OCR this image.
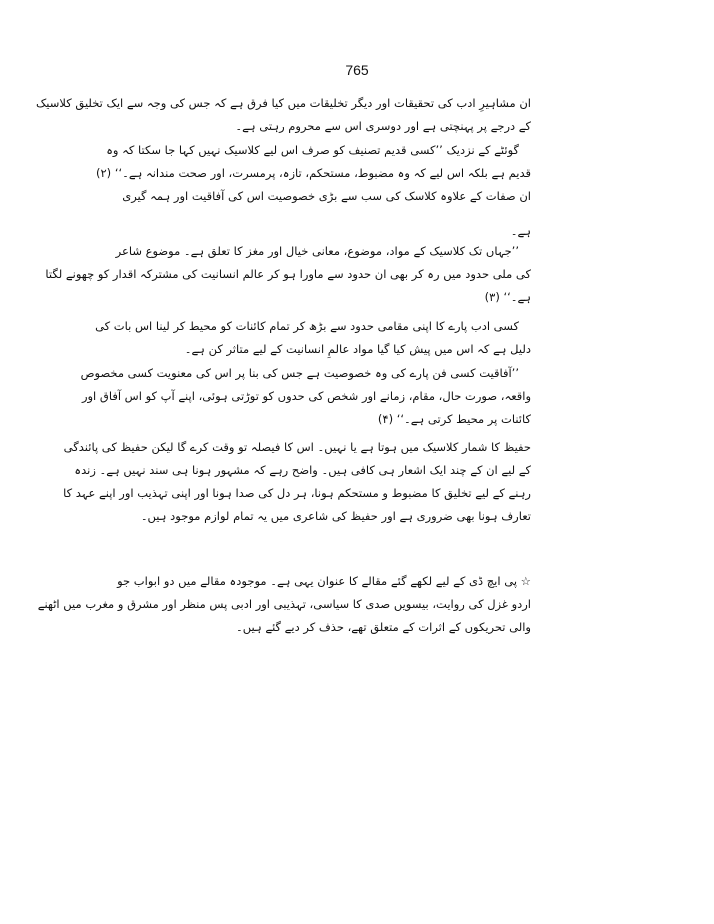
765
ان مشاہیرِ ادب کی تحقیقات اور دیگر تخلیقات میں کیا فرق ہے کہ جس کی وجہ سے ایک تخلیق کلاسیک
کے درجے پر پہنچتی ہے اور دوسری اس سے محروم رہتی ہے۔
گوئٹے کے نزدیک ’’کسی قدیم تصنیف کو صرف اس لیے کلاسیک نہیں کہا جا سکتا کہ وہ
قدیم ہے بلکہ اس لیے کہ وہ مضبوط، مستحکم، تازہ، پرمسرت، اور صحت مندانہ ہے۔‘‘ (۲)
ان صفات کے علاوہ کلاسک کی سب سے بڑی خصوصیت اس کی آفاقیت اور ہمہ گیری
ہے۔
’’جہاں تک کلاسیک کے مواد، موضوع، معانی خیال اور مغز کا تعلق ہے۔ موضوع شاعر
کی ملی حدود میں رہ کر بھی ان حدود سے ماورا ہو کر عالم انسانیت کی مشترکہ اقدار کو چھونے لگتا
ہے۔‘‘ (۳)
کسی ادب پارے کا اپنی مقامی حدود سے بڑھ کر تمام کائنات کو محیط کر لینا اس بات کی
دلیل ہے کہ اس میں پیش کیا گیا مواد عالمِ انسانیت کے لیے متاثر کن ہے۔
’’آفاقیت کسی فن پارے کی وہ خصوصیت ہے جس کی بنا پر اس کی معنویت کسی مخصوص
واقعہ، صورت حال، مقام، زمانے اور شخص کی حدوں کو توڑتی ہوئی، اپنے آپ کو اس آفاق اور
کائنات پر محیط کرتی ہے۔‘‘ (۴)
حفیظ کا شمار کلاسیک میں ہوتا ہے یا نہیں۔ اس کا فیصلہ تو وقت کرے گا لیکن حفیظ کی پائندگی
کے لیے ان کے چند ایک اشعار ہی کافی ہیں۔ واضح رہے کہ مشہور ہونا ہی سند نہیں ہے۔ زندہ
رہنے کے لیے تخلیق کا مضبوط و مستحکم ہونا، ہر دل کی صدا ہونا اور اپنی تہذیب اور اپنے عہد کا
تعارف ہونا بھی ضروری ہے اور حفیظ کی شاعری میں یہ تمام لوازم موجود ہیں۔
☆ پی ایچ ڈی کے لیے لکھے گئے مقالے کا عنوان یہی ہے۔ موجودہ مقالے میں دو ابواب جو
اردو غزل کی روایت، بیسویں صدی کا سیاسی، تہذیبی اور ادبی پس منظر اور مشرق و مغرب میں اٹھنے
والی تحریکوں کے اثرات کے متعلق تھے، حذف کر دیے گئے ہیں۔
